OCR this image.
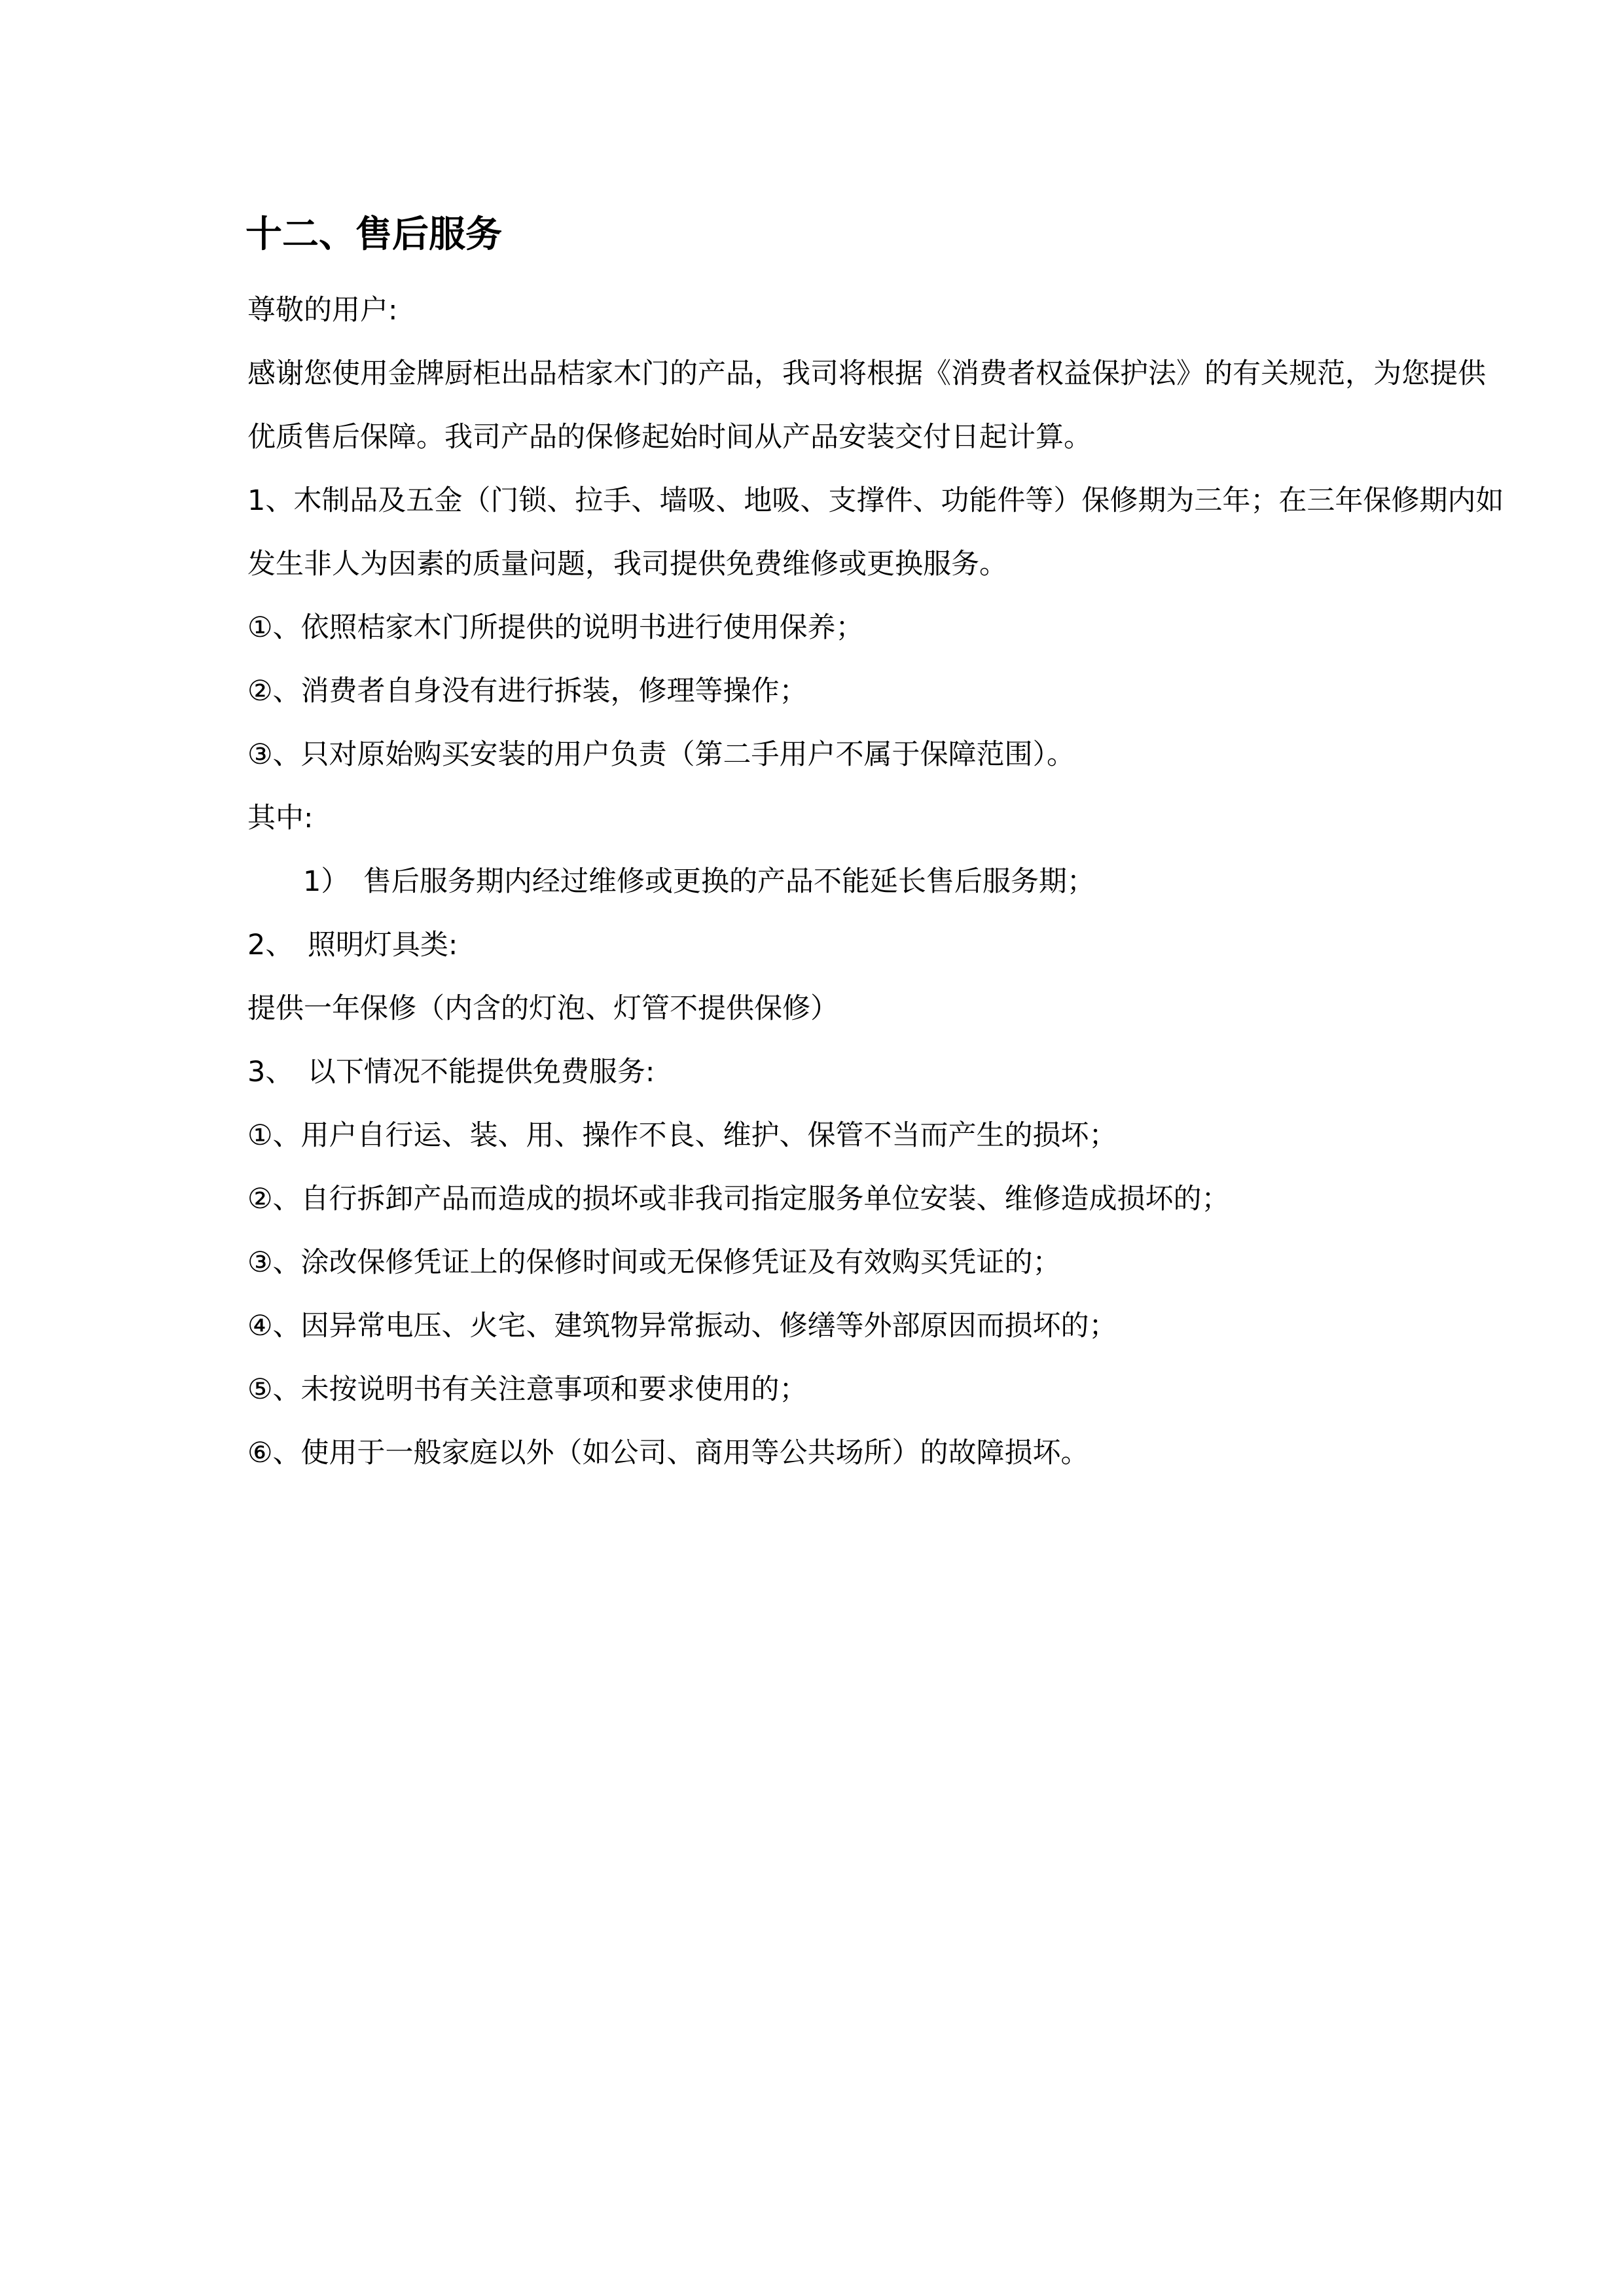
十二、售后服务
尊敬的用户:
感谢您使用金牌厨柜出品桔家木门的产品，我司将根据《消费者权益保护法》的有关规范，为您提供
优质售后保障。我司产品的保修起始时间从产品安装交付日起计算。
1、木制品及五金（门锁、拉手、墙吸、地吸、支撑件、功能件等）保修期为三年；在三年保修期内如
发生非人为因素的质量问题，我司提供免费维修或更换服务。
①、依照桔家木门所提供的说明书进行使用保养；
②、消费者自身没有进行拆装，修理等操作；
③、只对原始购买安装的用户负责（第二手用户不属于保障范围）。
其中:
1）　售后服务期内经过维修或更换的产品不能延长售后服务期；
2、　照明灯具类:
提供一年保修（内含的灯泡、灯管不提供保修）
3、　以下情况不能提供免费服务:
①、用户自行运、装、用、操作不良、维护、保管不当而产生的损坏；
②、自行拆卸产品而造成的损坏或非我司指定服务单位安装、维修造成损坏的；
③、涂改保修凭证上的保修时间或无保修凭证及有效购买凭证的；
④、因异常电压、火宅、建筑物异常振动、修缮等外部原因而损坏的；
⑤、未按说明书有关注意事项和要求使用的；
⑥、使用于一般家庭以外（如公司、商用等公共场所）的故障损坏。
